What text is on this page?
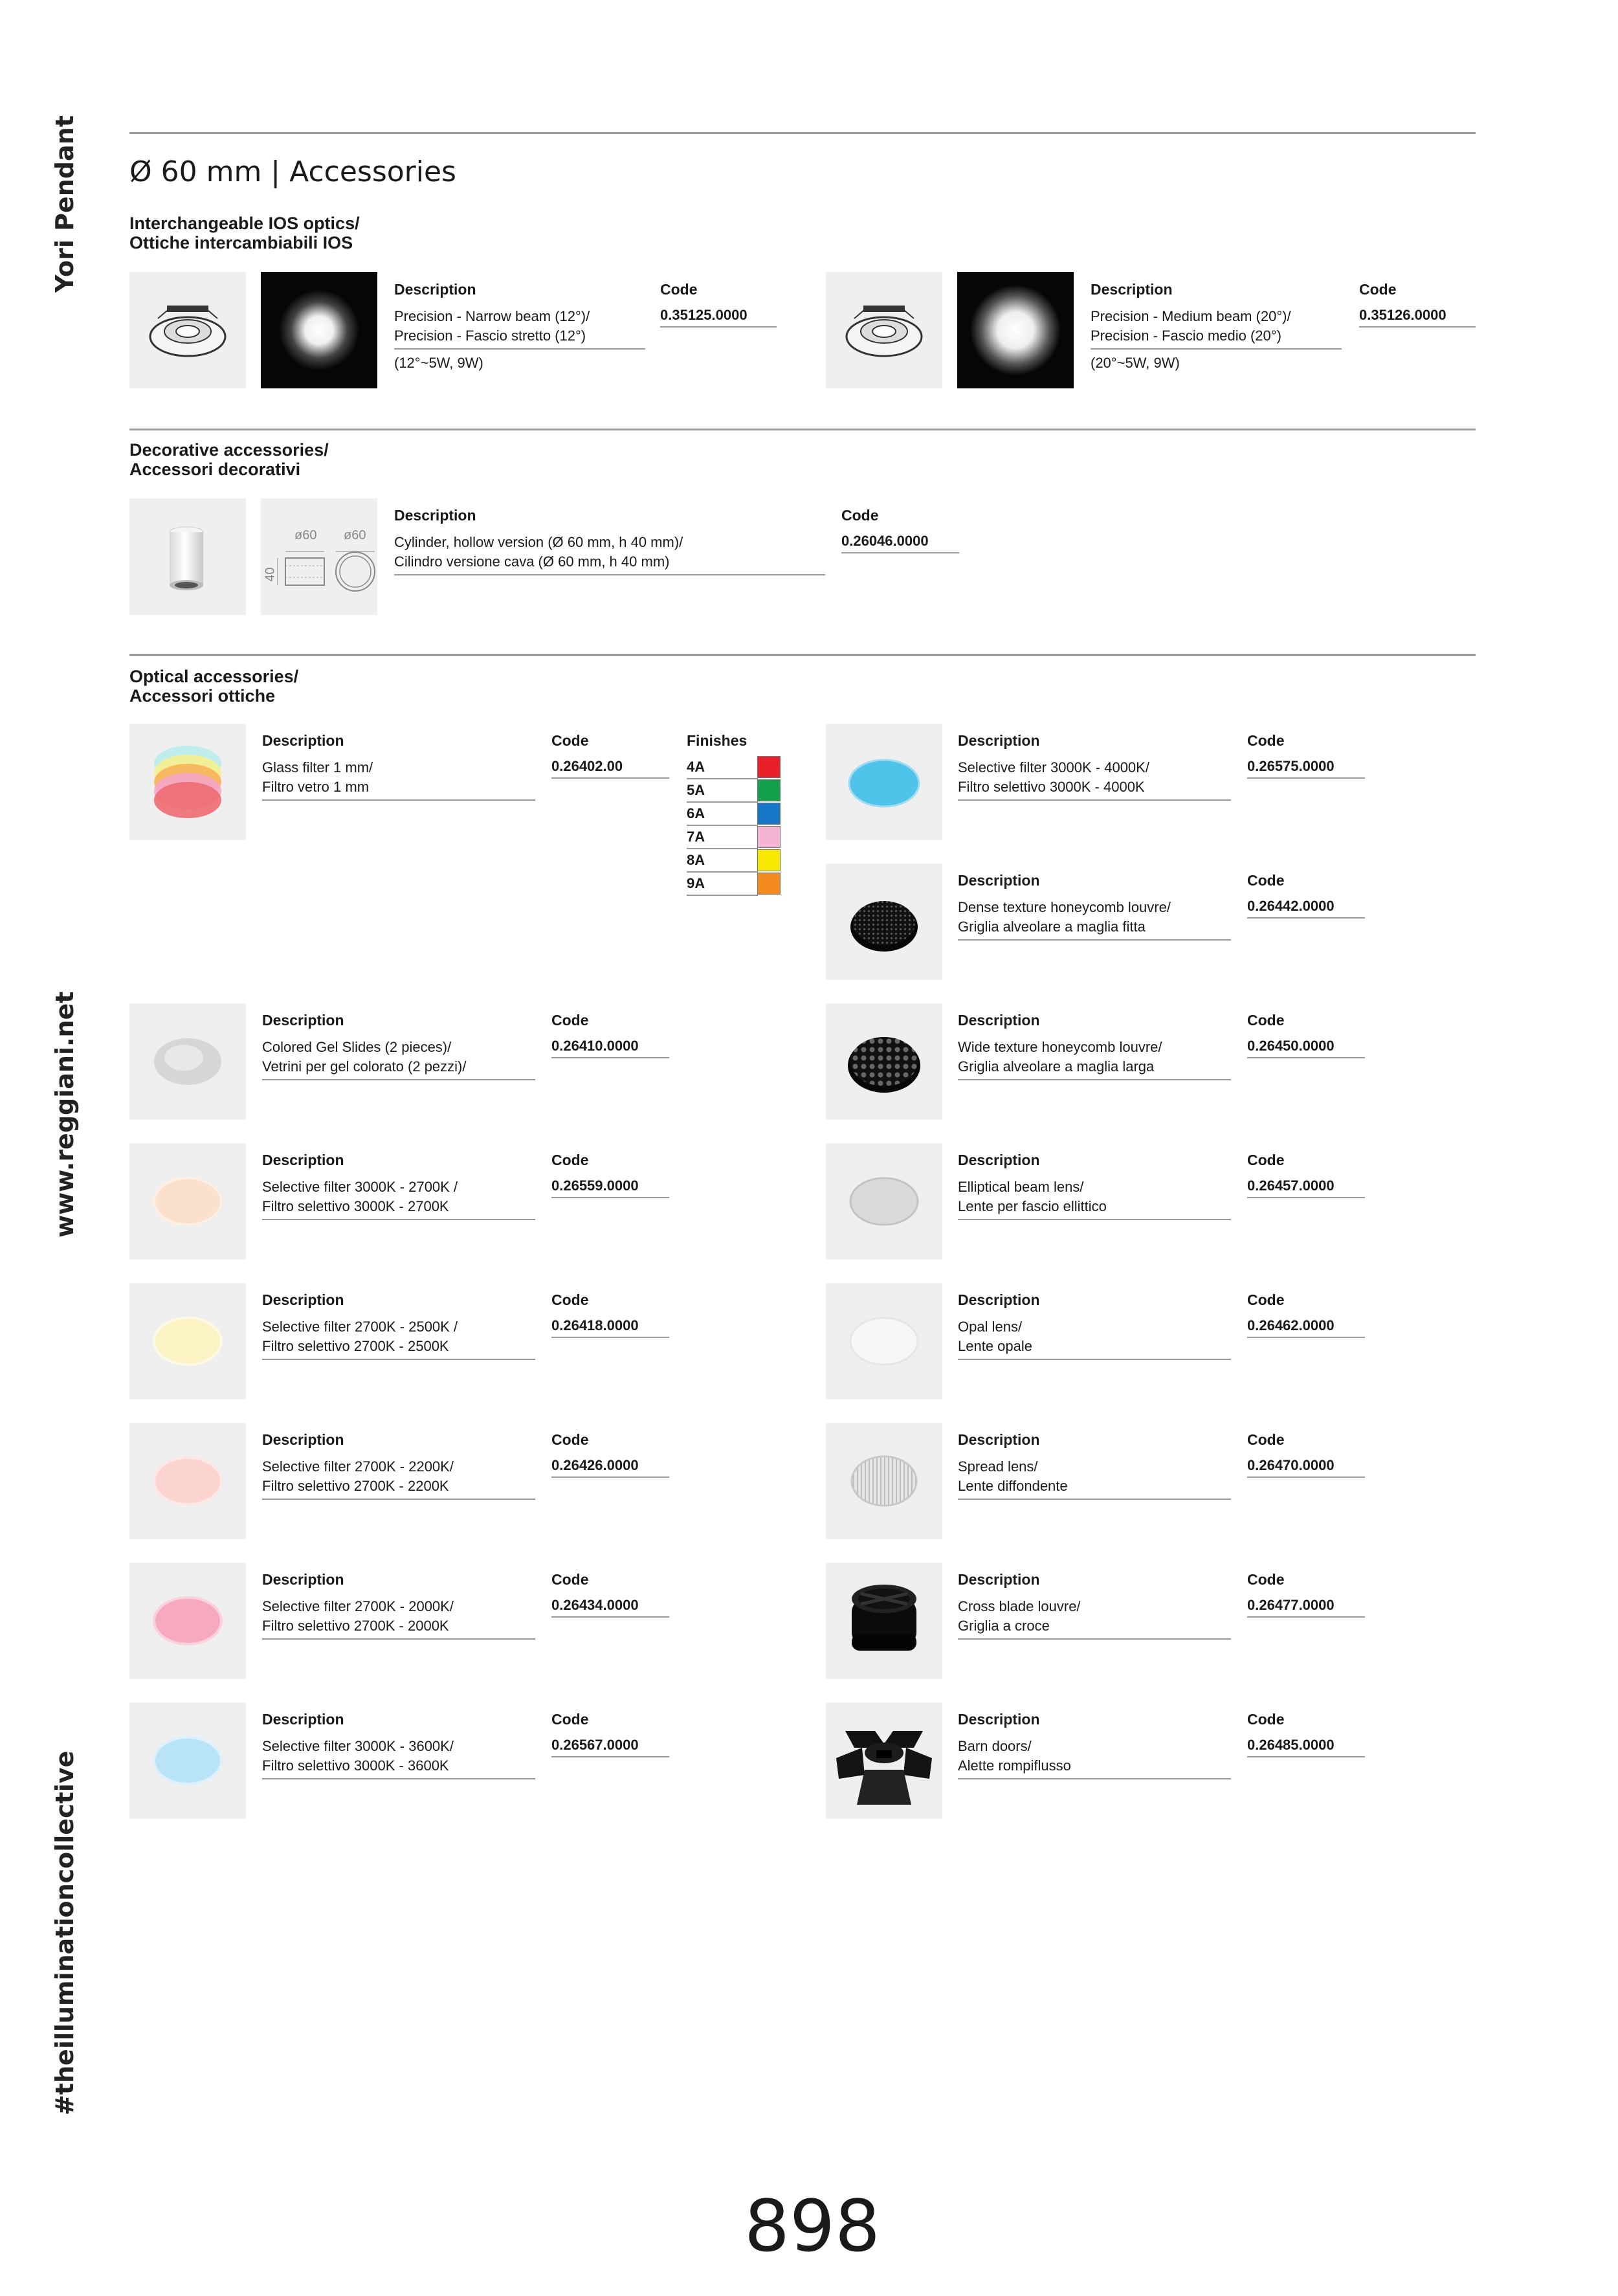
Yori Pendant
www.reggiani.net
#theilluminationcollective
Ø 60 mm | Accessories
Interchangeable IOS optics/
Ottiche intercambiabili IOS
Description
Precision - Narrow beam (12°)/
Precision - Fascio stretto (12°)
(12°~5W, 9W)
Code
0.35125.0000
Description
Precision - Medium beam (20°)/
Precision - Fascio medio (20°)
(20°~5W, 9W)
Code
0.35126.0000
Decorative accessories/
Accessori decorativi
ø60 ø60
40
Description
Cylinder, hollow version (Ø 60 mm, h 40 mm)/
Cilindro versione cava (Ø 60 mm, h 40 mm)
Code
0.26046.0000
Optical accessories/
Accessori ottiche
Description
Glass filter 1 mm/
Filtro vetro 1 mm
Code
0.26402.00
Finishes
4A
5A
6A
7A
8A
9A
Description
Selective filter 3000K - 4000K/
Filtro selettivo 3000K - 4000K
Code
0.26575.0000
Description
Dense texture honeycomb louvre/
Griglia alveolare a maglia fitta
Code
0.26442.0000
Description
Colored Gel Slides (2 pieces)/
Vetrini per gel colorato (2 pezzi)/
Code
0.26410.0000
Description
Wide texture honeycomb louvre/
Griglia alveolare a maglia larga
Code
0.26450.0000
Description
Selective filter 3000K - 2700K /
Filtro selettivo 3000K - 2700K
Code
0.26559.0000
Description
Elliptical beam lens/
Lente per fascio ellittico
Code
0.26457.0000
Description
Selective filter 2700K - 2500K /
Filtro selettivo 2700K - 2500K
Code
0.26418.0000
Description
Opal lens/
Lente opale
Code
0.26462.0000
Description
Selective filter 2700K - 2200K/
Filtro selettivo 2700K - 2200K
Code
0.26426.0000
Description
Spread lens/
Lente diffondente
Code
0.26470.0000
Description
Selective filter 2700K - 2000K/
Filtro selettivo 2700K - 2000K
Code
0.26434.0000
Description
Cross blade louvre/
Griglia a croce
Code
0.26477.0000
Description
Selective filter 3000K - 3600K/
Filtro selettivo 3000K - 3600K
Code
0.26567.0000
Description
Barn doors/
Alette rompiflusso
Code
0.26485.0000
898
